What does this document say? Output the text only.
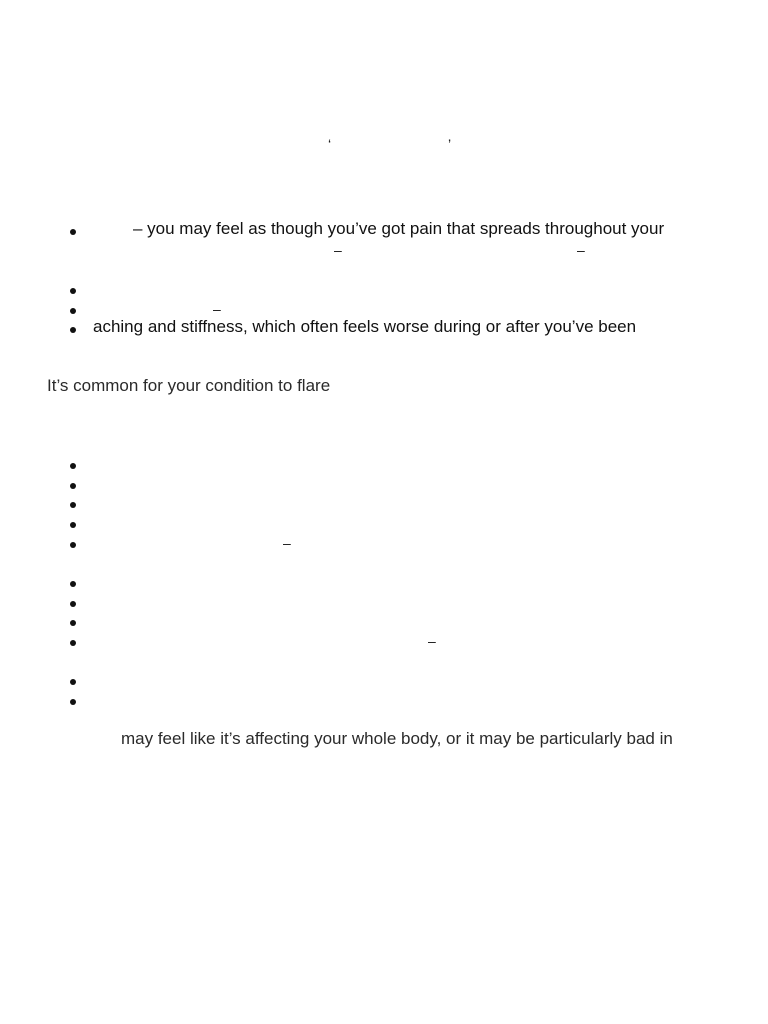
‘	’
– you may feel as though you’ve got pain that spreads throughout your
–	–
–
aching and stiffness, which often feels worse during or after you’ve been

It’s common for your condition to flare

–
–

may feel like it’s affecting your whole body, or it may be particularly bad in
